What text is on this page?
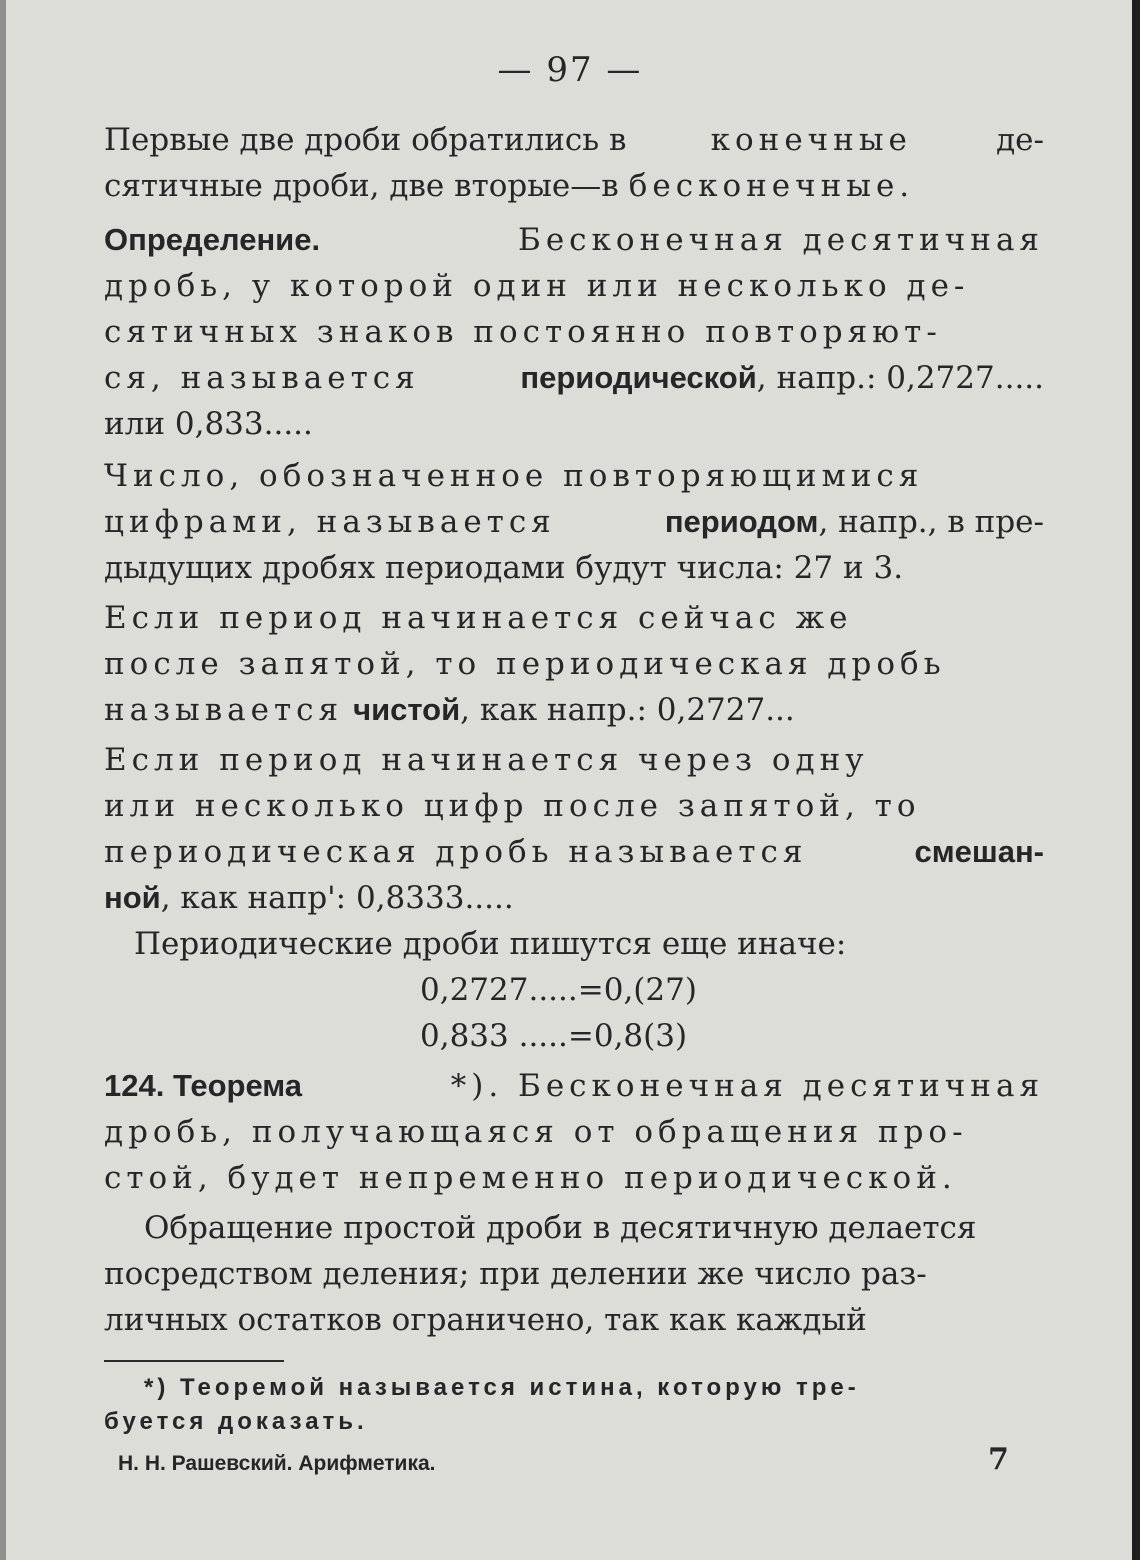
— 97 —
Первые две дроби обратились в	конечные	де-
сятичные дроби, две вторые—в бесконечные.
Определение.	Бесконечная десятичная
дробь, у которой один или несколько де-
сятичных знаков постоянно повторяют-
ся, называется	периодической, напр.: 0,2727.....
или 0,833.....
Число, обозначенное повторяющимися
цифрами, называется	периодом, напр., в пре-
дыдущих дробях периодами будут числа: 27 и 3.
Если период начинается сейчас же
после запятой, то периодическая дробь
называется чистой, как напр.: 0,2727...
Если период начинается через одну
или несколько цифр после запятой, то
периодическая дробь называется	смешан-
ной, как напр': 0,8333.....
Периодические дроби пишутся еще иначе:
0,2727.....=0,(27)
0,833 .....=0,8(3)
124. Теорема	*). Бесконечная десятичная
дробь, получающаяся от обращения про-
стой, будет непременно периодической.
Обращение простой дроби в десятичную делается
посредством деления; при делении же число раз-
личных остатков ограничено, так как каждый
*) Теоремой называется истина, которую тре-
буется доказать.
Н. Н. Рашевский. Арифметика.	7
